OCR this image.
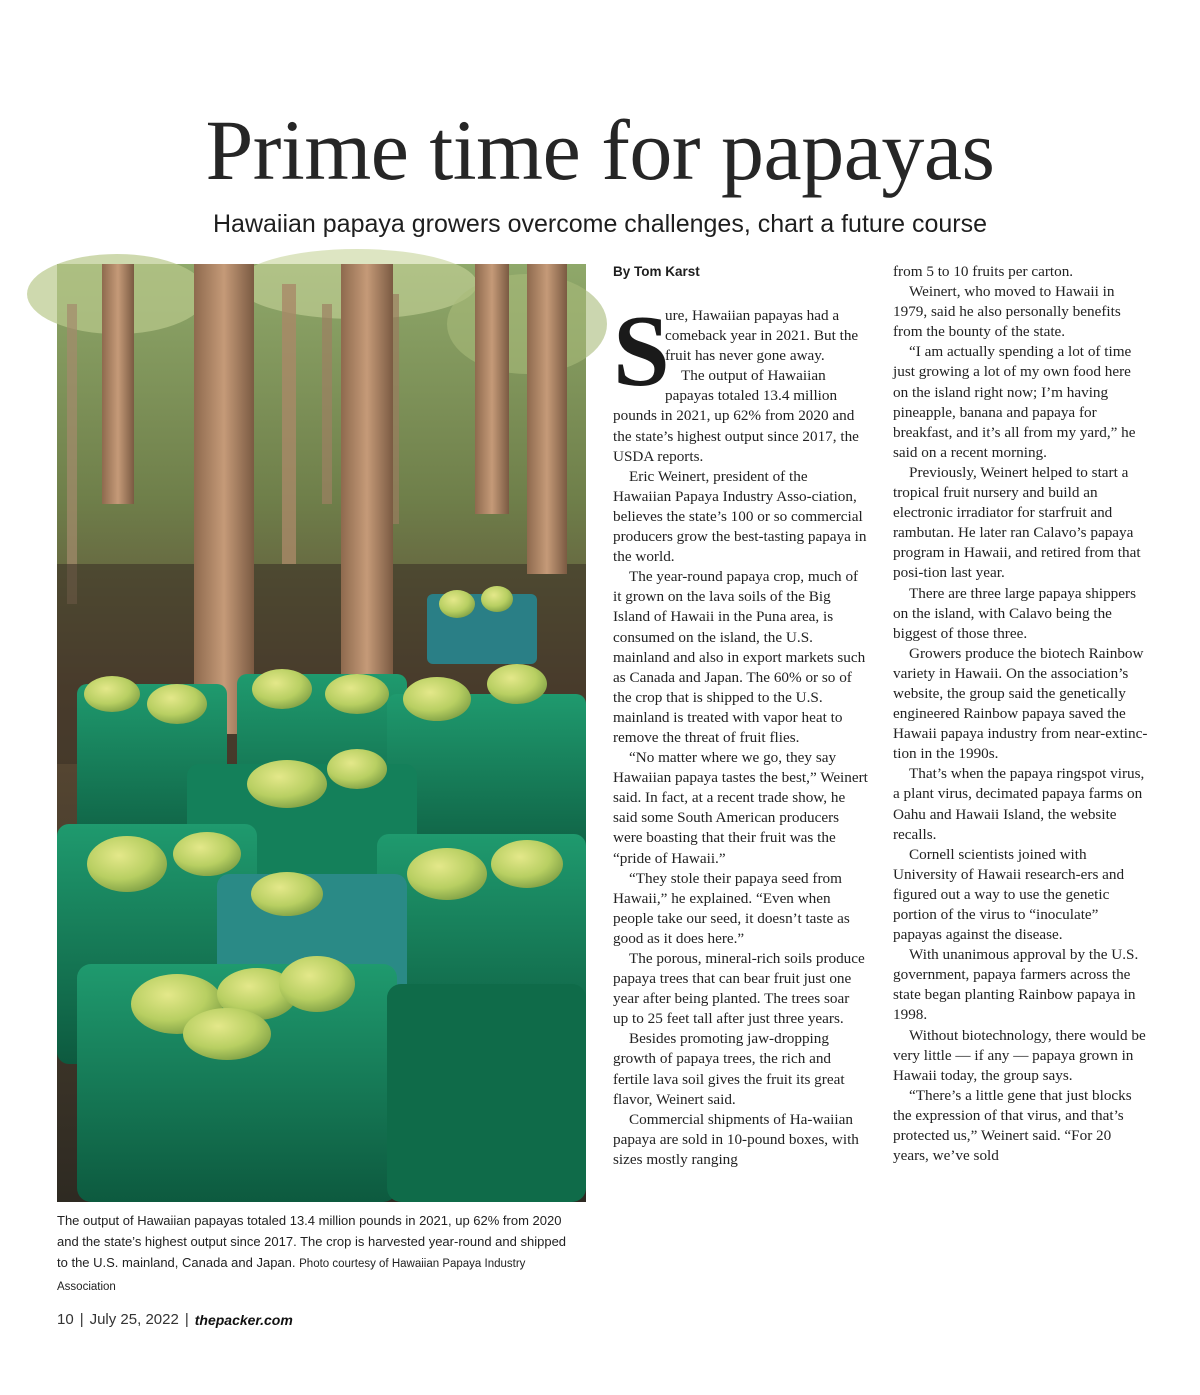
Prime time for papayas
Hawaiian papaya growers overcome challenges, chart a future course
The output of Hawaiian papayas totaled 13.4 million pounds in 2021, up 62% from 2020 and the state’s highest output since 2017. The crop is harvested year-round and shipped to the U.S. mainland, Canada and Japan. Photo courtesy of Hawaiian Papaya Industry Association
10 | July 25, 2022 | thepacker.com
By Tom Karst
S

ure, Hawaiian papayas had a comeback year in 2021. But the fruit has never gone away.

The output of Hawaiian papayas totaled 13.4 million pounds in 2021, up 62% from 2020 and the state’s highest output since 2017, the USDA reports.

Eric Weinert, president of the Hawaiian Papaya Industry Asso-ciation, believes the state’s 100 or so commercial producers grow the best-tasting papaya in the world.

The year-round papaya crop, much of it grown on the lava soils of the Big Island of Hawaii in the Puna area, is consumed on the island, the U.S. mainland and also in export markets such as Canada and Japan. The 60% or so of the crop that is shipped to the U.S. mainland is treated with vapor heat to remove the threat of fruit flies.

“No matter where we go, they say Hawaiian papaya tastes the best,” Weinert said. In fact, at a recent trade show, he said some South American producers were boasting that their fruit was the “pride of Hawaii.”

“They stole their papaya seed from Hawaii,” he explained. “Even when people take our seed, it doesn’t taste as good as it does here.”

The porous, mineral-rich soils produce papaya trees that can bear fruit just one year after being planted. The trees soar up to 25 feet tall after just three years.

Besides promoting jaw-dropping growth of papaya trees, the rich and fertile lava soil gives the fruit its great flavor, Weinert said.

Commercial shipments of Ha-waiian papaya are sold in 10-pound boxes, with sizes mostly ranging

from 5 to 10 fruits per carton.

Weinert, who moved to Hawaii in 1979, said he also personally benefits from the bounty of the state.

“I am actually spending a lot of time just growing a lot of my own food here on the island right now; I’m having pineapple, banana and papaya for breakfast, and it’s all from my yard,” he said on a recent morning.

Previously, Weinert helped to start a tropical fruit nursery and build an electronic irradiator for starfruit and rambutan. He later ran Calavo’s papaya program in Hawaii, and retired from that posi-tion last year.

There are three large papaya shippers on the island, with Calavo being the biggest of those three.

Growers produce the biotech Rainbow variety in Hawaii. On the association’s website, the group said the genetically engineered Rainbow papaya saved the Hawaii papaya industry from near-extinc-tion in the 1990s.

That’s when the papaya ringspot virus, a plant virus, decimated papaya farms on Oahu and Hawaii Island, the website recalls.

Cornell scientists joined with University of Hawaii research-ers and figured out a way to use the genetic portion of the virus to “inoculate” papayas against the disease.

With unanimous approval by the U.S. government, papaya farmers across the state began planting Rainbow papaya in 1998.

Without biotechnology, there would be very little — if any — papaya grown in Hawaii today, the group says.

“There’s a little gene that just blocks the expression of that virus, and that’s protected us,” Weinert said. “For 20 years, we’ve sold
